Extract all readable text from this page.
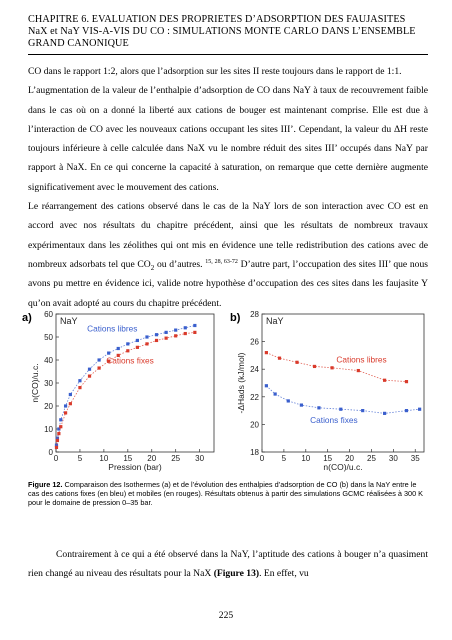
CHAPITRE 6. EVALUATION DES PROPRIETES D’ADSORPTION DES FAUJASITES
NaX et NaY VIS-A-VIS DU CO : SIMULATIONS MONTE CARLO DANS L’ENSEMBLE
GRAND CANONIQUE

CO dans le rapport 1:2, alors que l’adsorption sur les sites II reste toujours dans le rapport de 1:1.

L’augmentation de la valeur de l’enthalpie d’adsorption de CO dans NaY à taux de recouvrement faible dans le cas où on a donné la liberté aux cations de bouger est maintenant comprise. Elle est due à l’interaction de CO avec les nouveaux cations occupant les sites III’. Cependant, la valeur du ΔH reste toujours inférieure à celle calculée dans NaX vu le nombre réduit des sites III’ occupés dans NaY par rapport à NaX. En ce qui concerne la capacité à saturation, on remarque que cette dernière augmente significativement avec le mouvement des cations.

Le réarrangement des cations observé dans le cas de la NaY lors de son interaction avec CO est en accord avec nos résultats du chapitre précédent, ainsi que les résultats de nombreux travaux expérimentaux dans les zéolithes qui ont mis en évidence une telle redistribution des cations avec de nombreux adsorbats tel que $CO_2$ ou d’autres. $^{15, 28, 63-72}$ D’autre part, l’occupation des sites III’ que nous avons pu mettre en évidence ici, valide notre hypothèse d’occupation des ces sites dans les faujasite Y qu’on avait adopté au cours du chapitre précédent.

a)
0 5 10 15 20 25 30
0
10
20
30
40
50
60
Pression (bar)
n(CO)/u.c.
NaY
Cations libres
Cations fixes
b)
0 5 10 15 20 25 30 35
18
20
22
24
26
28
n(CO)/u.c.
-ΔHads (kJ/mol)
NaY
Cations libres
Cations fixes
Figure 12. Comparaison des Isothermes (a) et de l’évolution des enthalpies d’adsorption de CO (b) dans la NaY entre le cas des cations fixes (en bleu) et mobiles (en rouges). Résultats obtenus à partir des simulations GCMC réalisées à 300 K pour le domaine de pression 0–35 bar.

Contrairement à ce qui a été observé dans la NaY, l’aptitude des cations à bouger n’a quasiment rien changé au niveau des résultats pour la NaX (Figure 13). En effet, vu

225
